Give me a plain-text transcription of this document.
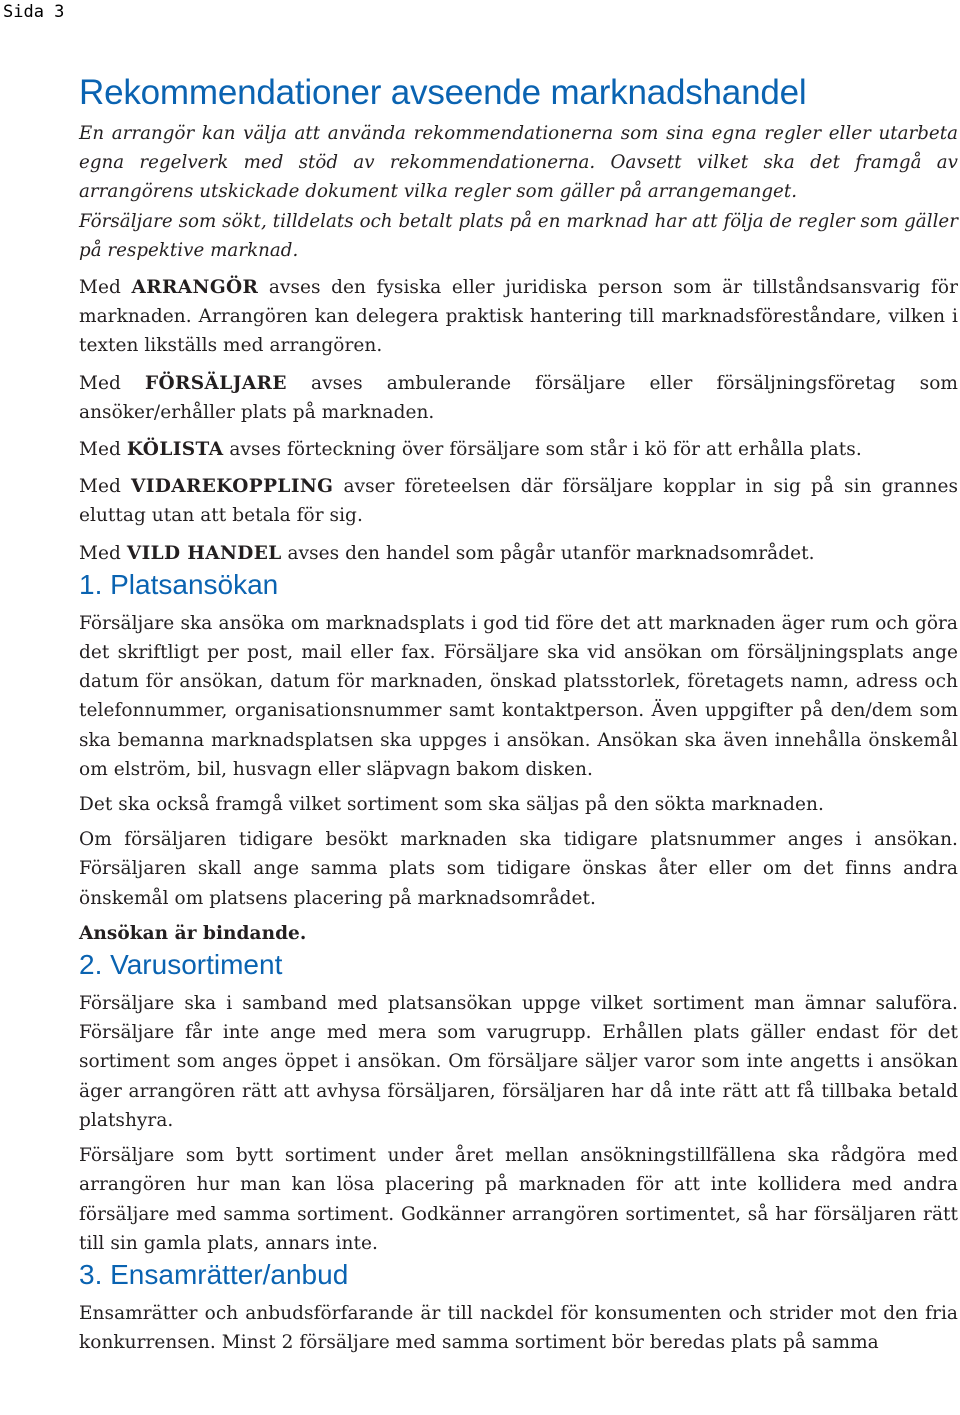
Sida 3
Rekommendationer avseende marknadshandel

En arrangör kan välja att använda rekommendationerna som sina egna regler eller utarbeta egna regelverk med stöd av rekommendationerna. Oavsett vilket ska det framgå av arrangörens utskickade dokument vilka regler som gäller på arrangemanget.

Försäljare som sökt, tilldelats och betalt plats på en marknad har att följa de regler som gäller på respektive marknad.

Med ARRANGÖR avses den fysiska eller juridiska person som är tillståndsansvarig för marknaden. Arrangören kan delegera praktisk hantering till marknadsföreståndare, vilken i texten likställs med arrangören.

Med FÖRSÄLJARE avses ambulerande försäljare eller försäljningsföretag som ansöker/erhåller plats på marknaden.

Med KÖLISTA avses förteckning över försäljare som står i kö för att erhålla plats.

Med VIDAREKOPPLING avser företeelsen där försäljare kopplar in sig på sin grannes eluttag utan att betala för sig.

Med VILD HANDEL avses den handel som pågår utanför marknadsområdet.

1. Platsansökan

Försäljare ska ansöka om marknadsplats i god tid före det att marknaden äger rum och göra det skriftligt per post, mail eller fax. Försäljare ska vid ansökan om försäljningsplats ange datum för ansökan, datum för marknaden, önskad platsstorlek, företagets namn, adress och telefonnummer, organisationsnummer samt kontaktperson. Även uppgifter på den/dem som ska bemanna marknadsplatsen ska uppges i ansökan. Ansökan ska även innehålla önskemål om elström, bil, husvagn eller släpvagn bakom disken.

Det ska också framgå vilket sortiment som ska säljas på den sökta marknaden.

Om försäljaren tidigare besökt marknaden ska tidigare platsnummer anges i ansökan. Försäljaren skall ange samma plats som tidigare önskas åter eller om det finns andra önskemål om platsens placering på marknadsområdet.

Ansökan är bindande.

2. Varusortiment

Försäljare ska i samband med platsansökan uppge vilket sortiment man ämnar saluföra. Försäljare får inte ange med mera som varugrupp. Erhållen plats gäller endast för det sortiment som anges öppet i ansökan. Om försäljare säljer varor som inte angetts i ansökan äger arrangören rätt att avhysa försäljaren, försäljaren har då inte rätt att få tillbaka betald platshyra.

Försäljare som bytt sortiment under året mellan ansökningstillfällena ska rådgöra med arrangören hur man kan lösa placering på marknaden för att inte kollidera med andra försäljare med samma sortiment. Godkänner arrangören sortimentet, så har försäljaren rätt till sin gamla plats, annars inte.

3. Ensamrätter/anbud

Ensamrätter och anbudsförfarande är till nackdel för konsumenten och strider mot den fria konkurrensen. Minst 2 försäljare med samma sortiment bör beredas plats på samma
